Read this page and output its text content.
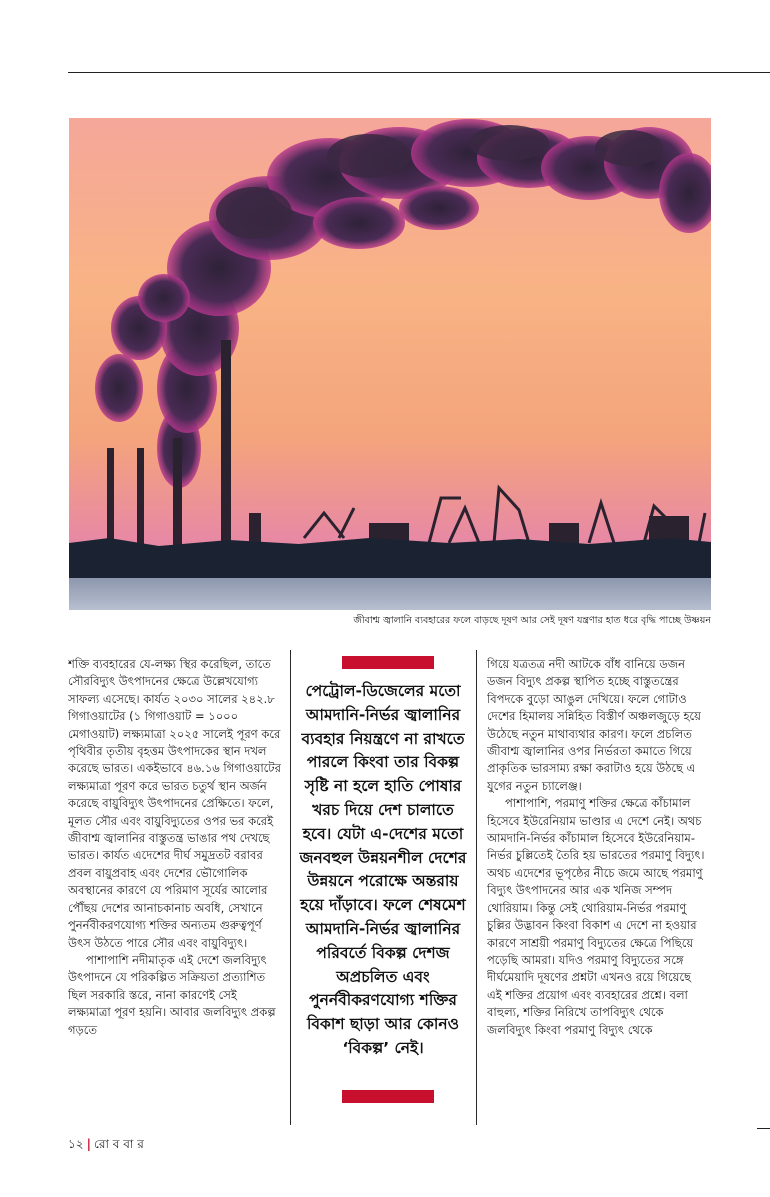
জীবাশ্ম জ্বালানি ব্যবহারের ফলে বাড়ছে দূষণ আর সেই দূষণ যন্ত্রণার হাত ধরে বৃদ্ধি পাচ্ছে উষ্ণয়ন

শক্তি ব্যবহারের যে-লক্ষ্য স্থির করেছিল, তাতে সৌরবিদ্যুৎ উৎপাদনের ক্ষেত্রে উল্লেখযোগ্য সাফল্য এসেছে। কার্যত ২০৩০ সালের ২৪২.৮ গিগাওয়াটের (১ গিগাওয়াট = ১০০০ মেগাওয়াট) লক্ষ্যমাত্রা ২০২৫ সালেই পূরণ করে পৃথিবীর তৃতীয় বৃহত্তম উৎপাদকের স্থান দখল করেছে ভারত। একইভাবে ৪৬.১৬ গিগাওয়াটের লক্ষ্যমাত্রা পূরণ করে ভারত চতুর্থ স্থান অর্জন করেছে বায়ুবিদ্যুৎ উৎপাদনের প্রেক্ষিতে। ফলে, মূলত সৌর এবং বায়ুবিদ্যুতের ওপর ভর করেই জীবাশ্ম জ্বালানির বাস্তুতন্ত্র ভাঙার পথ দেখছে ভারত। কার্যত এদেশের দীর্ঘ সমুদ্রতট বরাবর প্রবল বায়ুপ্রবাহ এবং দেশের ভৌগোলিক অবস্থানের কারণে যে পরিমাণ সূর্যের আলোর পৌঁছয় দেশের আনাচকানাচ অবধি, সেখানে পুনর্নবীকরণযোগ্য শক্তির অন্যতম গুরুত্বপূর্ণ উৎস উঠতে পারে সৌর এবং বায়ুবিদ্যুৎ।

পাশাপাশি নদীমাতৃক এই দেশে জলবিদ্যুৎ উৎপাদনে যে পরিকল্পিত সক্রিয়তা প্রত্যাশিত ছিল সরকারি স্তরে, নানা কারণেই সেই লক্ষ্যমাত্রা পূরণ হয়নি। আবার জলবিদ্যুৎ প্রকল্প গড়তে

পেট্রোল-ডিজেলের মতো আমদানি-নির্ভর জ্বালানির ব্যবহার নিয়ন্ত্রণে না রাখতে পারলে কিংবা তার বিকল্প সৃষ্টি না হলে হাতি পোষার খরচ দিয়ে দেশ চালাতে হবে। যেটা এ-দেশের মতো জনবহুল উন্নয়নশীল দেশের উন্নয়নে পরোক্ষে অন্তরায় হয়ে দাঁড়াবে। ফলে শেষমেশ আমদানি-নির্ভর জ্বালানির পরিবর্তে বিকল্প দেশজ অপ্রচলিত এবং পুনর্নবীকরণযোগ্য শক্তির বিকাশ ছাড়া আর কোনও ‘বিকল্প’ নেই।

গিয়ে যত্রতত্র নদী আটকে বাঁধ বানিয়ে ডজন ডজন বিদ্যুৎ প্রকল্প স্থাপিত হচ্ছে বাস্তুতন্ত্রের বিপদকে বুড়ো আঙুল দেখিয়ে। ফলে গোটাও দেশের হিমালয় সন্নিহিত বিস্তীর্ণ অঞ্চলজুড়ে হয়ে উঠেছে নতুন মাথাব্যথার কারণ। ফলে প্রচলিত জীবাশ্ম জ্বালানির ওপর নির্ভরতা কমাতে গিয়ে প্রাকৃতিক ভারসাম্য রক্ষা করাটাও হয়ে উঠছে এ যুগের নতুন চ্যালেঞ্জ।

পাশাপাশি, পরমাণু শক্তির ক্ষেত্রে কাঁচামাল হিসেবে ইউরেনিয়াম ভাণ্ডার এ দেশে নেই। অথচ আমদানি-নির্ভর কাঁচামাল হিসেবে ইউরেনিয়াম-নির্ভর চুল্লিতেই তৈরি হয় ভারতের পরমাণু বিদ্যুৎ। অথচ এদেশের ভূপৃষ্ঠের নীচে জমে আছে পরমাণু বিদ্যুৎ উৎপাদনের আর এক খনিজ সম্পদ থোরিয়াম। কিন্তু সেই থোরিয়াম-নির্ভর পরমাণু চুল্লির উদ্ভাবন কিংবা বিকাশ এ দেশে না হওয়ার কারণে সাশ্রয়ী পরমাণু বিদ্যুতের ক্ষেত্রে পিছিয়ে পড়েছি আমরা। যদিও পরমাণু বিদ্যুতের সঙ্গে দীর্ঘমেয়াদি দূষণের প্রশ্নটা এখনও রয়ে গিয়েছে এই শক্তির প্রয়োগ এবং ব্যবহারের প্রশ্নে। বলা বাহুল্য, শক্তির নিরিখে তাপবিদ্যুৎ থেকে জলবিদ্যুৎ কিংবা পরমাণু বিদ্যুৎ থেকে

১২ | রো ব বা র
